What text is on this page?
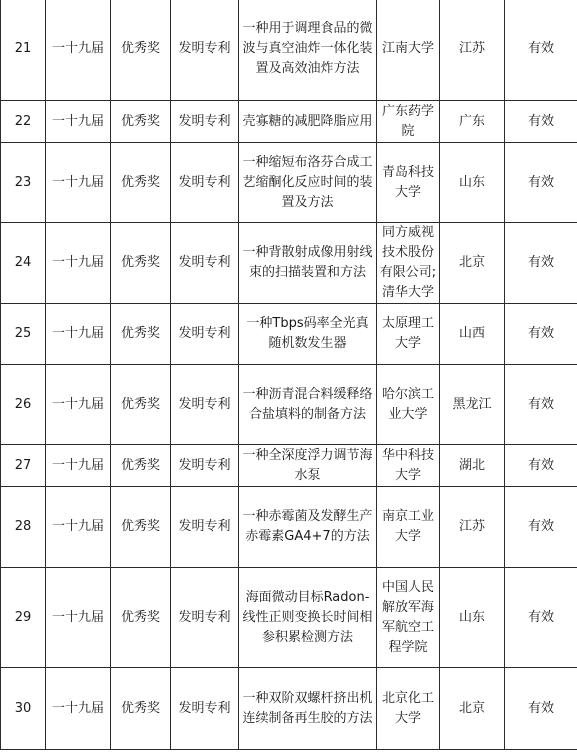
21	一十九届	优秀奖	发明专利	一种用于调理食品的微波与真空油炸一体化装置及高效油炸方法	江南大学	江苏	有效
22	一十九届	优秀奖	发明专利	壳寡糖的减肥降脂应用	广东药学院	广东	有效
23	一十九届	优秀奖	发明专利	一种缩短布洛芬合成工艺缩酮化反应时间的装置及方法	青岛科技大学	山东	有效
24	一十九届	优秀奖	发明专利	一种背散射成像用射线束的扫描装置和方法	同方威视技术股份有限公司;清华大学	北京	有效
25	一十九届	优秀奖	发明专利	一种Tbps码率全光真随机数发生器	太原理工大学	山西	有效
26	一十九届	优秀奖	发明专利	一种沥青混合料缓释络合盐填料的制备方法	哈尔滨工业大学	黑龙江	有效
27	一十九届	优秀奖	发明专利	一种全深度浮力调节海水泵	华中科技大学	湖北	有效
28	一十九届	优秀奖	发明专利	一种赤霉菌及发酵生产赤霉素GA4+7的方法	南京工业大学	江苏	有效
29	一十九届	优秀奖	发明专利	海面微动目标Radon-线性正则变换长时间相参积累检测方法	中国人民解放军海军航空工程学院	山东	有效
30	一十九届	优秀奖	发明专利	一种双阶双螺杆挤出机连续制备再生胶的方法	北京化工大学	北京	有效
